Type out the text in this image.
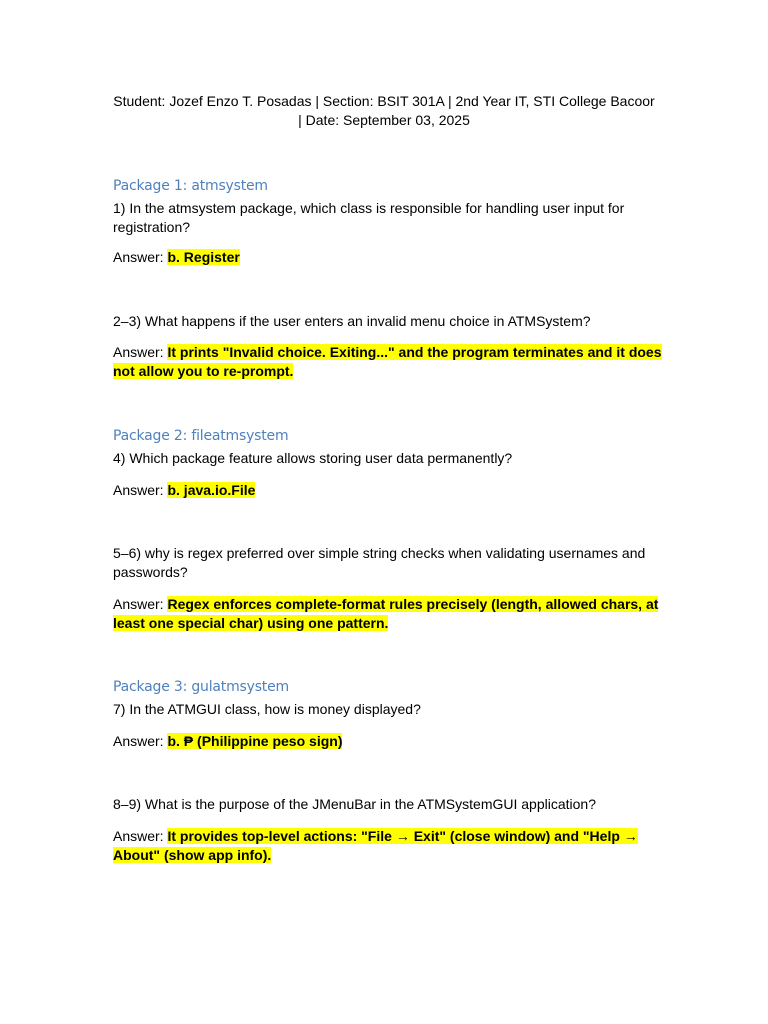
Student: Jozef Enzo T. Posadas | Section: BSIT 301A | 2nd Year IT, STI College Bacoor
| Date: September 03, 2025
Package 1: atmsystem
1) In the atmsystem package, which class is responsible for handling user input for registration?
Answer: b. Register
2–3) What happens if the user enters an invalid menu choice in ATMSystem?
Answer: It prints "Invalid choice. Exiting..." and the program terminates and it does not allow you to re-prompt.
Package 2: fileatmsystem
4) Which package feature allows storing user data permanently?
Answer: b. java.io.File
5–6) why is regex preferred over simple string checks when validating usernames and passwords?
Answer: Regex enforces complete-format rules precisely (length, allowed chars, at least one special char) using one pattern.
Package 3: gulatmsystem
7) In the ATMGUI class, how is money displayed?
Answer: b. ₱ (Philippine peso sign)
8–9) What is the purpose of the JMenuBar in the ATMSystemGUI application?
Answer: It provides top-level actions: "File → Exit" (close window) and "Help → About" (show app info).
